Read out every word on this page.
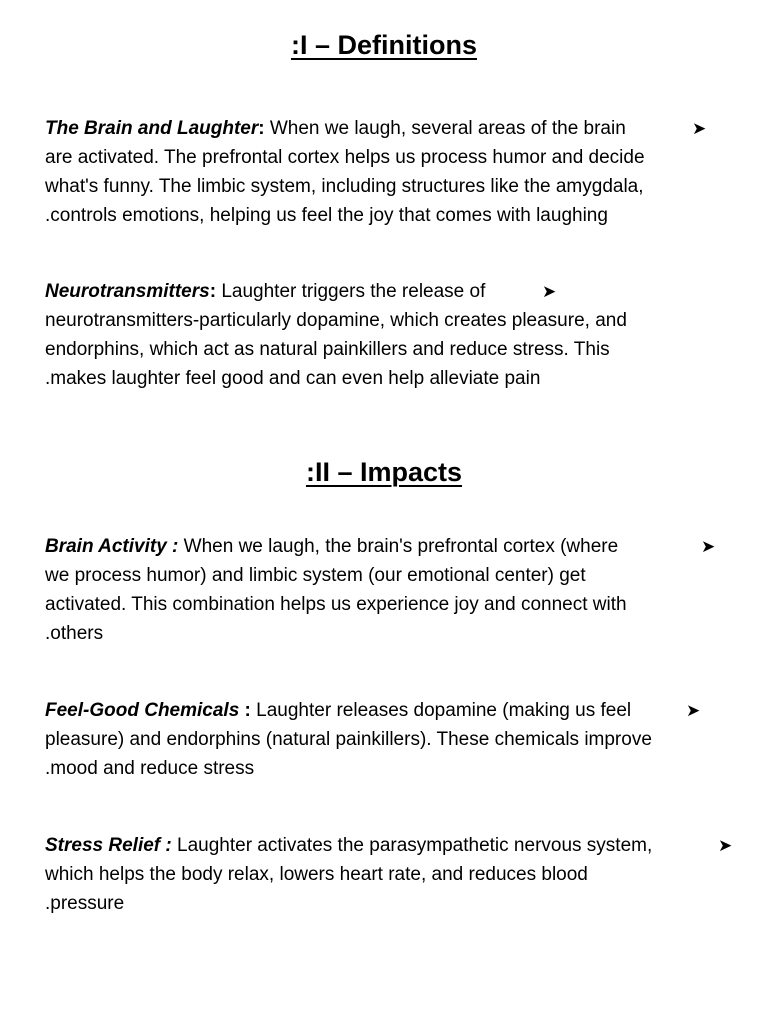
:I – Definitions

The Brain and Laughter: When we laugh, several areas of the brain
are activated. The prefrontal cortex helps us process humor and decide
what's funny. The limbic system, including structures like the amygdala,
.controls emotions, helping us feel the joy that comes with laughing
➤

Neurotransmitters: Laughter triggers the release of
neurotransmitters-particularly dopamine, which creates pleasure, and
endorphins, which act as natural painkillers and reduce stress. This
.makes laughter feel good and can even help alleviate pain
➤

:II – Impacts

Brain Activity : When we laugh, the brain's prefrontal cortex (where
we process humor) and limbic system (our emotional center) get
activated. This combination helps us experience joy and connect with
.others
➤

Feel-Good Chemicals : Laughter releases dopamine (making us feel
pleasure) and endorphins (natural painkillers). These chemicals improve
.mood and reduce stress
➤

Stress Relief : Laughter activates the parasympathetic nervous system,
which helps the body relax, lowers heart rate, and reduces blood
.pressure
➤
